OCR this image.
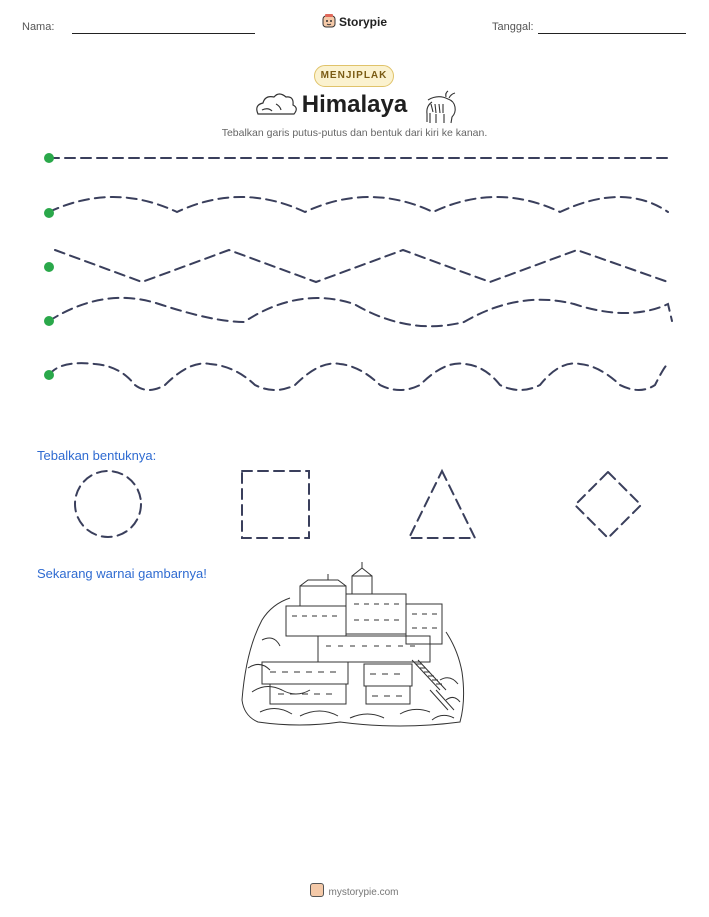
Nama:	Storypie	Tanggal:
MENJIPLAK
Himalaya
Tebalkan garis putus-putus dan bentuk dari kiri ke kanan.
Tebalkan bentuknya:
Sekarang warnai gambarnya!
mystorypie.com
